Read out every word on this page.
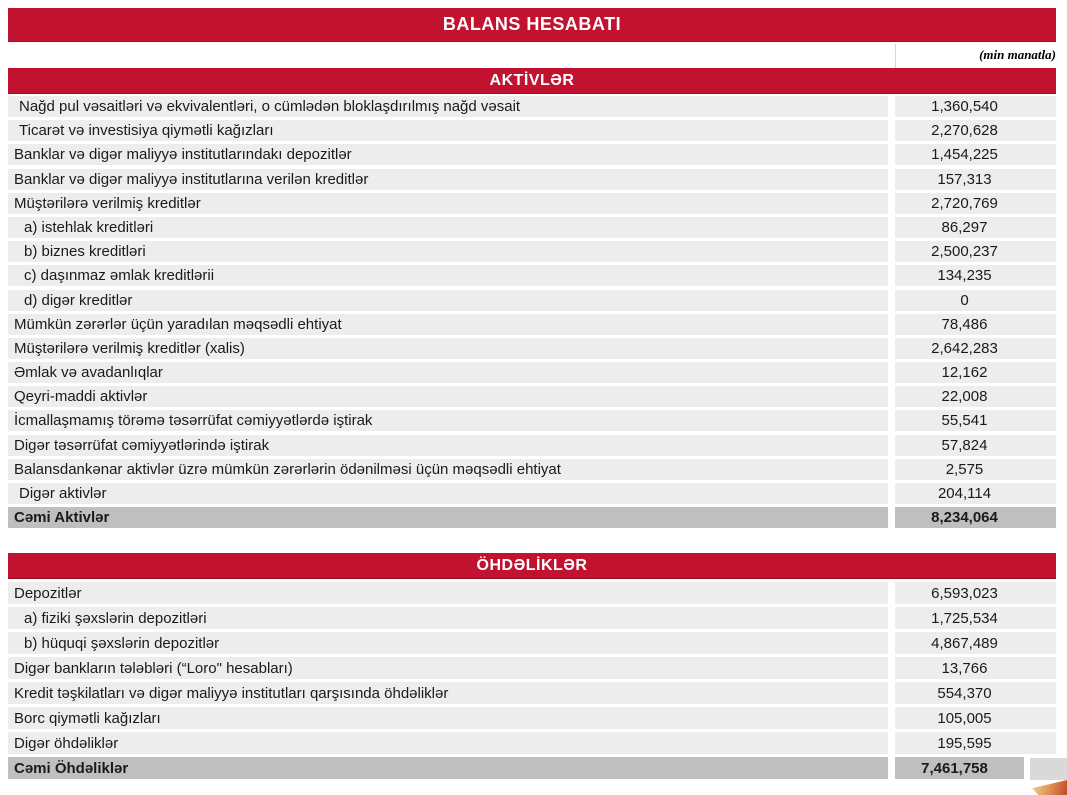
BALANS HESABATI
(min manatla)
AKTİVLƏR
Nağd pul vəsaitləri və ekvivalentləri, o cümlədən bloklaşdırılmış nağd vəsait	1,360,540
Ticarət və investisiya qiymətli kağızları	2,270,628
Banklar və digər maliyyə institutlarındakı depozitlər	1,454,225
Banklar və digər maliyyə institutlarına verilən kreditlər	157,313
Müştərilərə verilmiş kreditlər	2,720,769
a) istehlak kreditləri	86,297
b) biznes kreditləri	2,500,237
c) daşınmaz əmlak kreditlərii	134,235
d) digər kreditlər	0
Mümkün zərərlər üçün yaradılan məqsədli ehtiyat	78,486
Müştərilərə verilmiş kreditlər (xalis)	2,642,283
Əmlak və avadanlıqlar	12,162
Qeyri-maddi aktivlər	22,008
İcmallaşmamış törəmə təsərrüfat cəmiyyətlərdə iştirak	55,541
Digər təsərrüfat cəmiyyətlərində iştirak	57,824
Balansdankənar aktivlər üzrə mümkün zərərlərin ödənilməsi üçün məqsədli ehtiyat	2,575
Digər aktivlər	204,114
Cəmi Aktivlər	8,234,064
ÖHDƏLİKLƏR
Depozitlər	6,593,023
a) fiziki şəxslərin depozitləri	1,725,534
b) hüquqi şəxslərin depozitlər	4,867,489
Digər bankların tələbləri (“Loro" hesabları)	13,766
Kredit təşkilatları və digər maliyyə institutları qarşısında öhdəliklər	554,370
Borc qiymətli kağızları	105,005
Digər öhdəliklər	195,595
Cəmi Öhdəliklər	7,461,758
